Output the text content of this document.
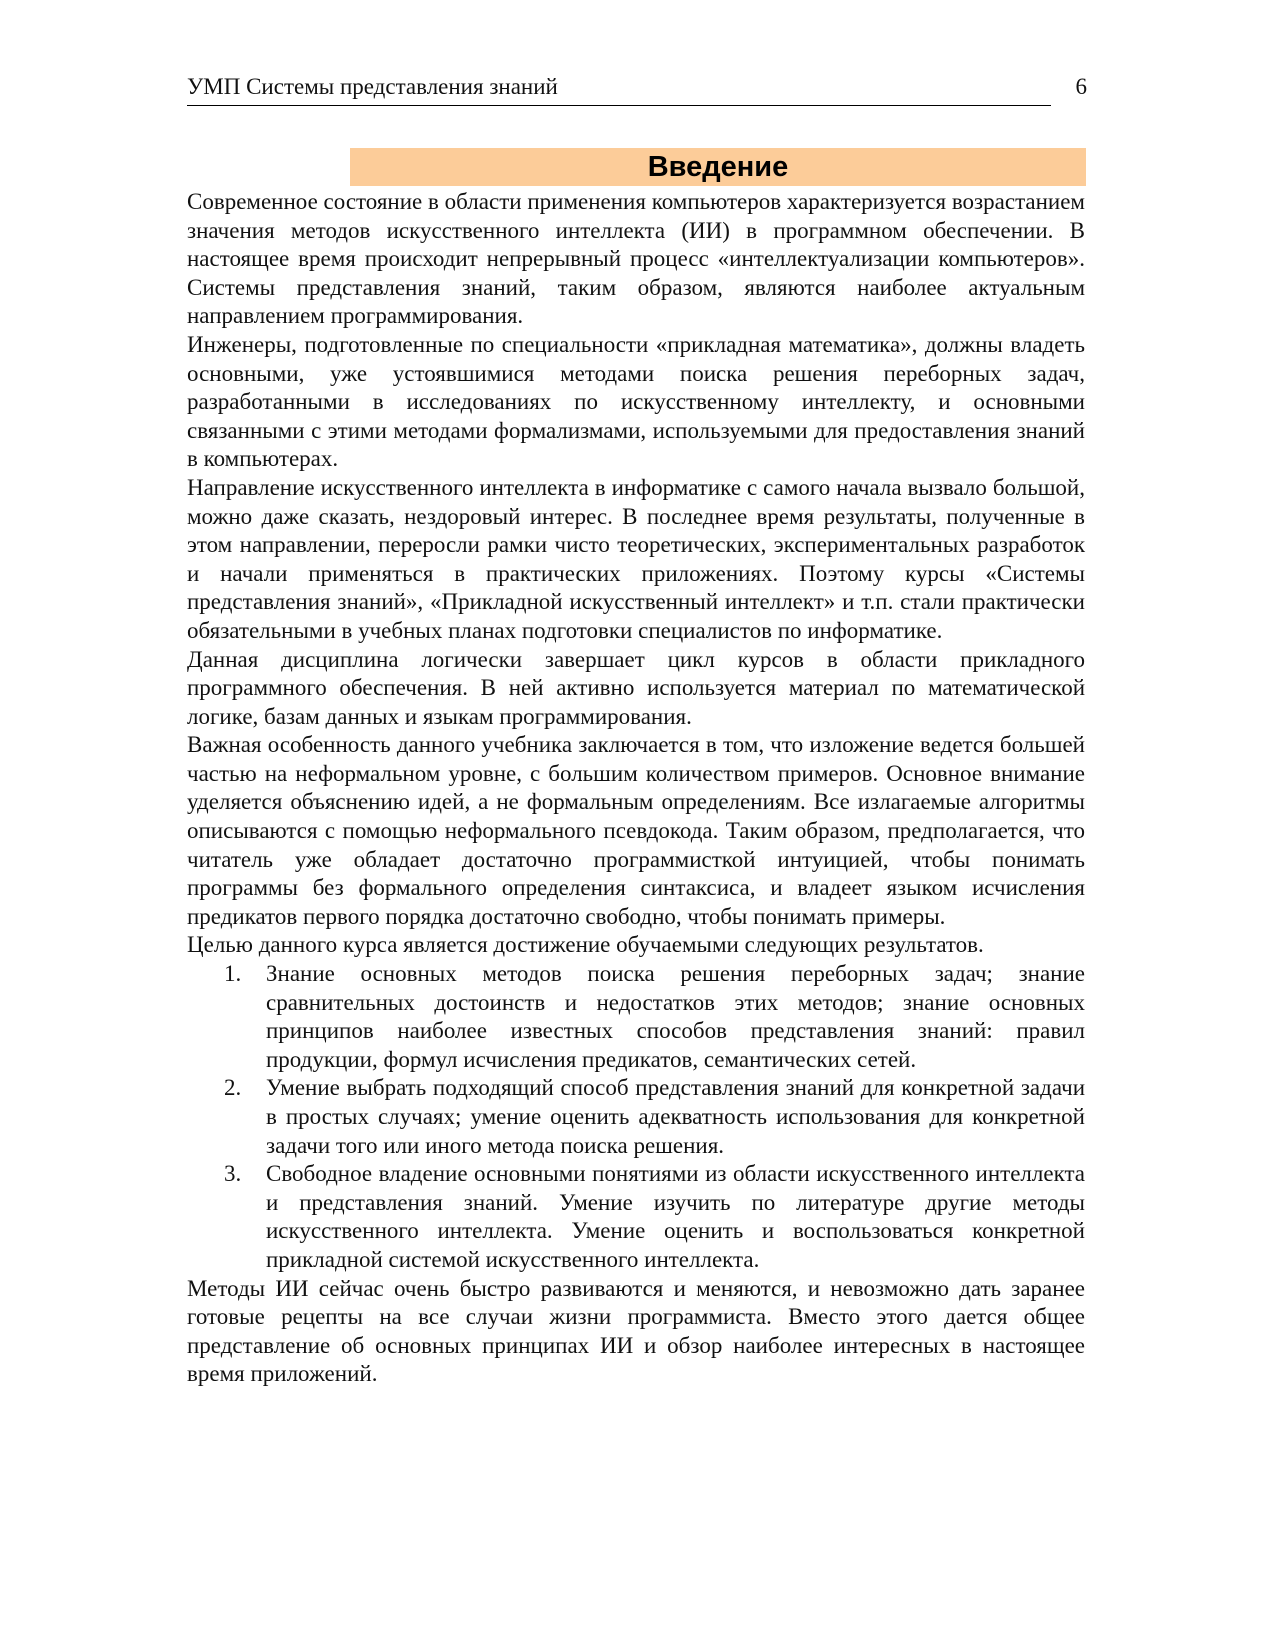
УМП Системы представления знаний	6
Введение

Современное состояние в области применения компьютеров характеризуется возрастанием значения методов искусственного интеллекта (ИИ) в программном обеспечении. В настоящее время происходит непрерывный процесс «интеллектуализации компьютеров». Системы представления знаний, таким образом, являются наиболее актуальным направлением программирования.

Инженеры, подготовленные по специальности «прикладная математика», должны владеть основными, уже устоявшимися методами поиска решения переборных задач, разработанными в исследованиях по искусственному интеллекту, и основными связанными с этими методами формализмами, используемыми для предоставления знаний в компьютерах.

Направление искусственного интеллекта в информатике с самого начала вызвало большой, можно даже сказать, нездоровый интерес. В последнее время результаты, полученные в этом направлении, переросли рамки чисто теоретических, экспериментальных разработок и начали применяться в практических приложениях. Поэтому курсы «Системы представления знаний», «Прикладной искусственный интеллект» и т.п. стали практически обязательными в учебных планах подготовки специалистов по информатике.

Данная дисциплина логически завершает цикл курсов в области прикладного программного обеспечения. В ней активно используется материал по математической логике, базам данных и языкам программирования.

Важная особенность данного учебника заключается в том, что изложение ведется большей частью на неформальном уровне, с большим количеством примеров. Основное внимание уделяется объяснению идей, а не формальным определениям. Все излагаемые алгоритмы описываются с помощью неформального псевдокода. Таким образом, предполагается, что читатель уже обладает достаточно программисткой интуицией, чтобы понимать программы без формального определения синтаксиса, и владеет языком исчисления предикатов первого порядка достаточно свободно, чтобы понимать примеры.

Целью данного курса является достижение обучаемыми следующих результатов.

1. Знание основных методов поиска решения переборных задач; знание сравнительных достоинств и недостатков этих методов; знание основных принципов наиболее известных способов представления знаний: правил продукции, формул исчисления предикатов, семантических сетей.
2. Умение выбрать подходящий способ представления знаний для конкретной задачи в простых случаях; умение оценить адекватность использования для конкретной задачи того или иного метода поиска решения.
3. Свободное владение основными понятиями из области искусственного интеллекта и представления знаний. Умение изучить по литературе другие методы искусственного интеллекта. Умение оценить и воспользоваться конкретной прикладной системой искусственного интеллекта.

Методы ИИ сейчас очень быстро развиваются и меняются, и невозможно дать заранее готовые рецепты на все случаи жизни программиста. Вместо этого дается общее представление об основных принципах ИИ и обзор наиболее интересных в настоящее время приложений.
